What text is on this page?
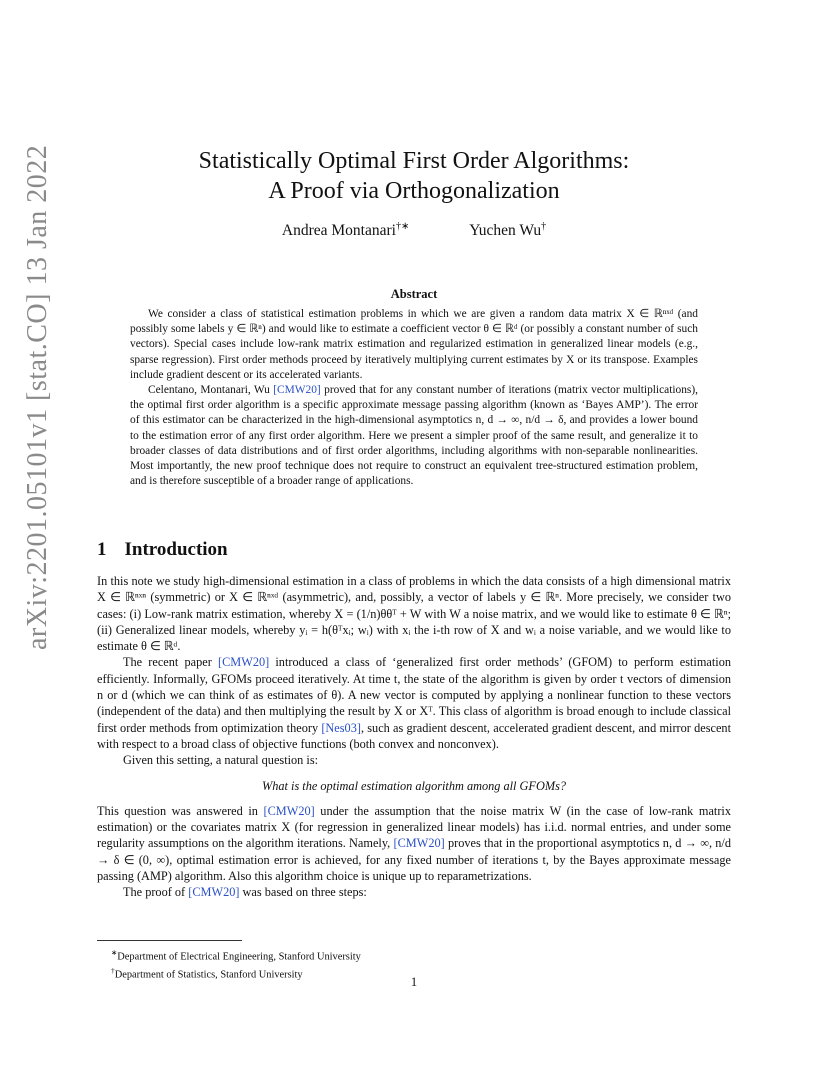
arXiv:2201.05101v1 [stat.CO] 13 Jan 2022	Statistically Optimal First Order Algorithms:
A Proof via Orthogonalization
Andrea Montanari†∗	Yuchen Wu†
Abstract

We consider a class of statistical estimation problems in which we are given a random data matrix X ∈ ℝⁿˣᵈ (and possibly some labels y ∈ ℝⁿ) and would like to estimate a coefficient vector θ ∈ ℝᵈ (or possibly a constant number of such vectors). Special cases include low-rank matrix estimation and regularized estimation in generalized linear models (e.g., sparse regression). First order methods proceed by iteratively multiplying current estimates by X or its transpose. Examples include gradient descent or its accelerated variants.

Celentano, Montanari, Wu [CMW20] proved that for any constant number of iterations (matrix vector multiplications), the optimal first order algorithm is a specific approximate message passing algorithm (known as ‘Bayes AMP’). The error of this estimator can be characterized in the high-dimensional asymptotics n, d → ∞, n/d → δ, and provides a lower bound to the estimation error of any first order algorithm. Here we present a simpler proof of the same result, and generalize it to broader classes of data distributions and of first order algorithms, including algorithms with non-separable nonlinearities. Most importantly, the new proof technique does not require to construct an equivalent tree-structured estimation problem, and is therefore susceptible of a broader range of applications.

1 Introduction

In this note we study high-dimensional estimation in a class of problems in which the data consists of a high dimensional matrix X ∈ ℝⁿˣⁿ (symmetric) or X ∈ ℝⁿˣᵈ (asymmetric), and, possibly, a vector of labels y ∈ ℝⁿ. More precisely, we consider two cases: (i) Low-rank matrix estimation, whereby X = (1/n)θθᵀ + W with W a noise matrix, and we would like to estimate θ ∈ ℝⁿ; (ii) Generalized linear models, whereby yᵢ = h(θᵀxᵢ; wᵢ) with xᵢ the i-th row of X and wᵢ a noise variable, and we would like to estimate θ ∈ ℝᵈ.

The recent paper [CMW20] introduced a class of ‘generalized first order methods’ (GFOM) to perform estimation efficiently. Informally, GFOMs proceed iteratively. At time t, the state of the algorithm is given by order t vectors of dimension n or d (which we can think of as estimates of θ). A new vector is computed by applying a nonlinear function to these vectors (independent of the data) and then multiplying the result by X or Xᵀ. This class of algorithm is broad enough to include classical first order methods from optimization theory [Nes03], such as gradient descent, accelerated gradient descent, and mirror descent with respect to a broad class of objective functions (both convex and nonconvex).

Given this setting, a natural question is:

What is the optimal estimation algorithm among all GFOMs?

This question was answered in [CMW20] under the assumption that the noise matrix W (in the case of low-rank matrix estimation) or the covariates matrix X (for regression in generalized linear models) has i.i.d. normal entries, and under some regularity assumptions on the algorithm iterations. Namely, [CMW20] proves that in the proportional asymptotics n, d → ∞, n/d → δ ∈ (0, ∞), optimal estimation error is achieved, for any fixed number of iterations t, by the Bayes approximate message passing (AMP) algorithm. Also this algorithm choice is unique up to reparametrizations.

The proof of [CMW20] was based on three steps:

∗Department of Electrical Engineering, Stanford University

†Department of Statistics, Stanford University

1
